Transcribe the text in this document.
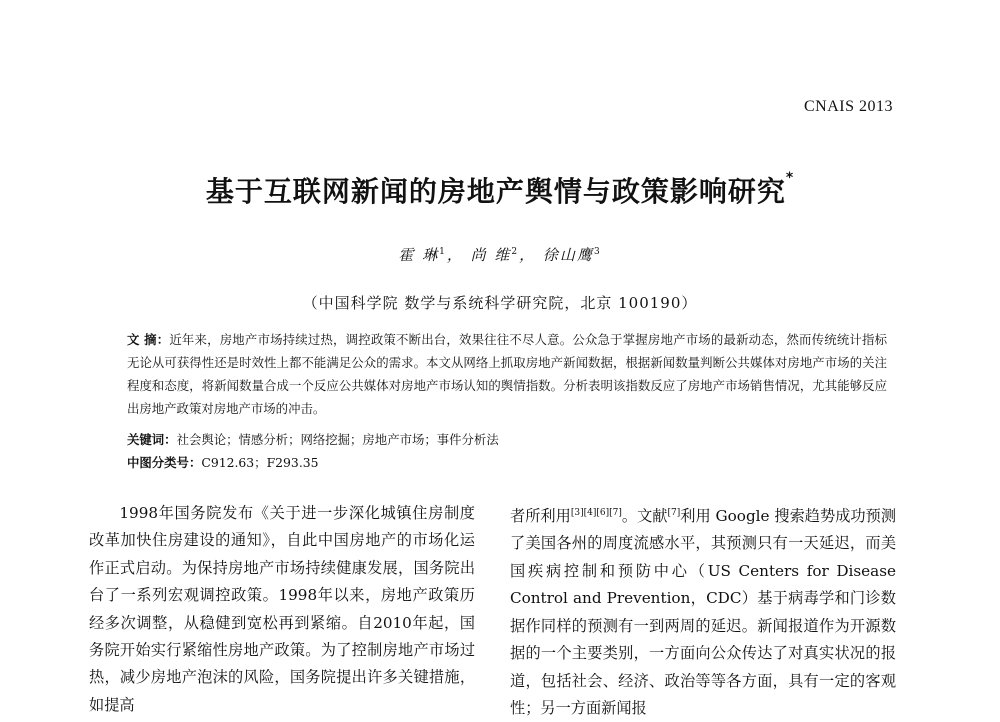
CNAIS 2013
基于互联网新闻的房地产舆情与政策影响研究*
霍 琳$^1$， 尚 维$^2$， 徐山鹰$^3$
（中国科学院 数学与系统科学研究院，北京 100190）
文 摘：近年来，房地产市场持续过热，调控政策不断出台，效果往往不尽人意。公众急于掌握房地产市场的最新动态，然而传统统计指标无论从可获得性还是时效性上都不能满足公众的需求。本文从网络上抓取房地产新闻数据，根据新闻数量判断公共媒体对房地产市场的关注程度和态度，将新闻数量合成一个反应公共媒体对房地产市场认知的舆情指数。分析表明该指数反应了房地产市场销售情况，尤其能够反应出房地产政策对房地产市场的冲击。
关键词：社会舆论；情感分析；网络挖掘；房地产市场；事件分析法
中图分类号：C912.63；F293.35

1998年国务院发布《关于进一步深化城镇住房制度改革加快住房建设的通知》，自此中国房地产的市场化运作正式启动。为保持房地产市场持续健康发展，国务院出台了一系列宏观调控政策。1998年以来，房地产政策历经多次调整，从稳健到宽松再到紧缩。自2010年起，国务院开始实行紧缩性房地产政策。为了控制房地产市场过热，减少房地产泡沫的风险，国务院提出许多关键措施，如提高

者所利用[3][4][6][7]。文献[7]利用 Google 搜索趋势成功预测了美国各州的周度流感水平，其预测只有一天延迟，而美国疾病控制和预防中心（US Centers for Disease Control and Prevention，CDC）基于病毒学和门诊数据作同样的预测有一到两周的延迟。新闻报道作为开源数据的一个主要类别，一方面向公众传达了对真实状况的报道，包括社会、经济、政治等等各方面，具有一定的客观性；另一方面新闻报
